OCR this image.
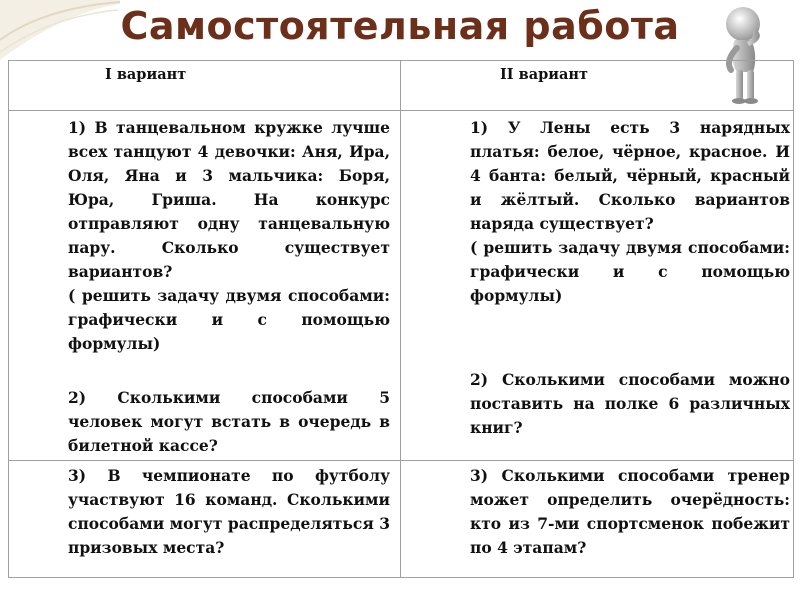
Самостоятельная работа
I вариант	II вариант

1) В танцевальном кружке лучше всех танцуют 4 девочки: Аня, Ира, Оля, Яна и 3 мальчика: Боря, Юра, Гриша. На конкурс отправляют одну танцевальную пару. Сколько существует вариантов?

( решить задачу двумя способами: графически и с помощью формулы)

2) Сколькими способами 5 человек могут встать в очередь в билетной кассе?

1) У Лены есть 3 нарядных платья: белое, чёрное, красное. И 4 банта: белый, чёрный, красный и жёлтый. Сколько вариантов наряда существует?

( решить задачу двумя способами: графически и с помощью формулы)

2) Сколькими способами можно поставить на полке 6 различных книг?

3) В чемпионате по футболу участвуют 16 команд. Сколькими способами могут распределяться 3 призовых места?
3) Сколькими способами тренер может определить очерёдность: кто из 7-ми спортсменок побежит по 4 этапам?
